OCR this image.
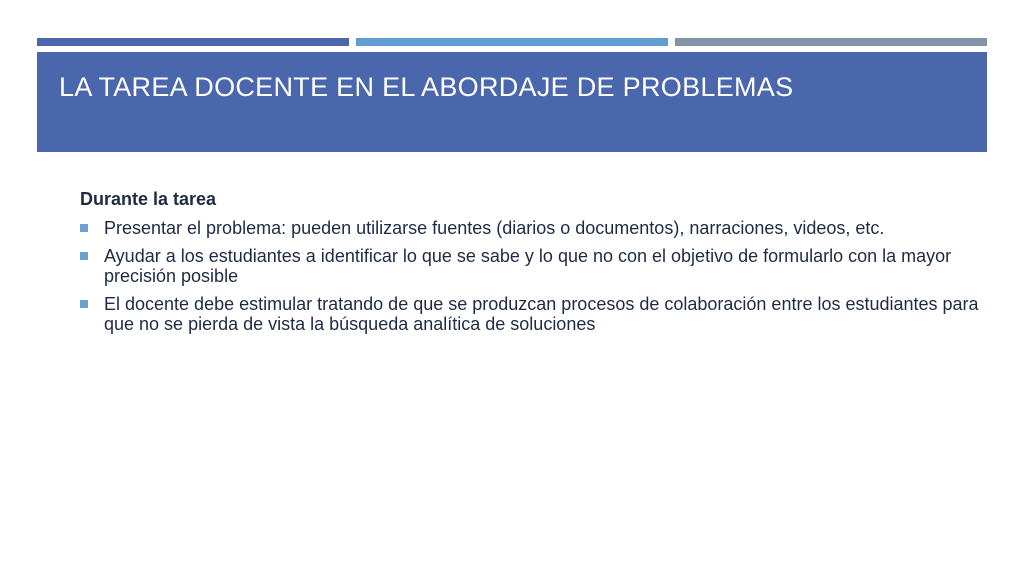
LA TAREA DOCENTE EN EL ABORDAJE DE PROBLEMAS
Durante la tarea
Presentar el problema: pueden utilizarse fuentes (diarios o documentos), narraciones, videos, etc.
Ayudar a los estudiantes a identificar lo que se sabe y lo que no con el objetivo de formularlo con la mayor precisión posible
El docente debe estimular tratando de que se produzcan procesos de colaboración entre los estudiantes para que no se pierda de vista la búsqueda analítica de soluciones
